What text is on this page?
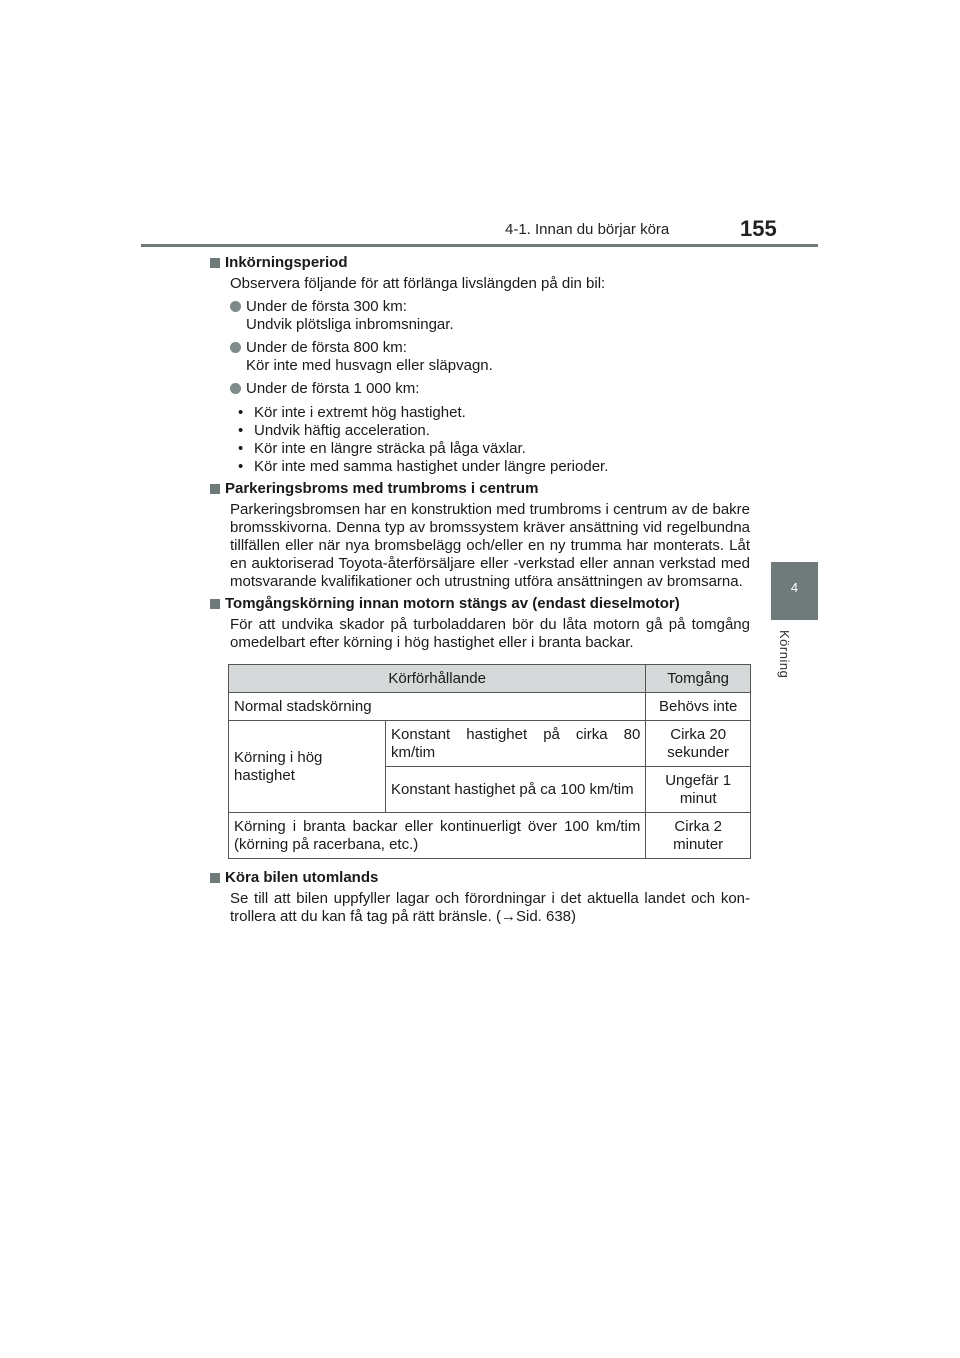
4-1. Innan du börjar köra	155
4
Körning
Inkörningsperiod

Observera följande för att förlänga livslängden på din bil:

Under de första 300 km:

Undvik plötsliga inbromsningar.

Under de första 800 km:

Kör inte med husvagn eller släpvagn.

Under de första 1 000 km:

• Kör inte i extremt hög hastighet.
• Undvik häftig acceleration.
• Kör inte en längre sträcka på låga växlar.
• Kör inte med samma hastighet under längre perioder.
Parkeringsbroms med trumbroms i centrum

Parkeringsbromsen har en konstruktion med trumbroms i centrum av de bakre bromsskivorna. Denna typ av bromssystem kräver ansättning vid regelbundna tillfällen eller när nya bromsbelägg och/eller en ny trumma har monterats. Låt en auktoriserad Toyota-återförsäljare eller -verkstad eller annan verkstad med motsvarande kvalifikationer och utrustning utföra ansättningen av bromsarna.

Tomgångskörning innan motorn stängs av (endast dieselmotor)

För att undvika skador på turboladdaren bör du låta motorn gå på tomgång omedelbart efter körning i hög hastighet eller i branta backar.

Körförhållande		Tomgång
Normal stadskörning		Behövs inte
Körning i hög hastighet	Konstant hastighet på cirka 80 km/tim	Cirka 20 sekunder
	Konstant hastighet på ca 100 km/tim	Ungefär 1 minut
Körning i branta backar eller kontinuerligt över 100 km/tim (körning på racerbana, etc.)		Cirka 2 minuter
Köra bilen utomlands

Se till att bilen uppfyller lagar och förordningar i det aktuella landet och kon-trollera att du kan få tag på rätt bränsle. (→Sid. 638)
